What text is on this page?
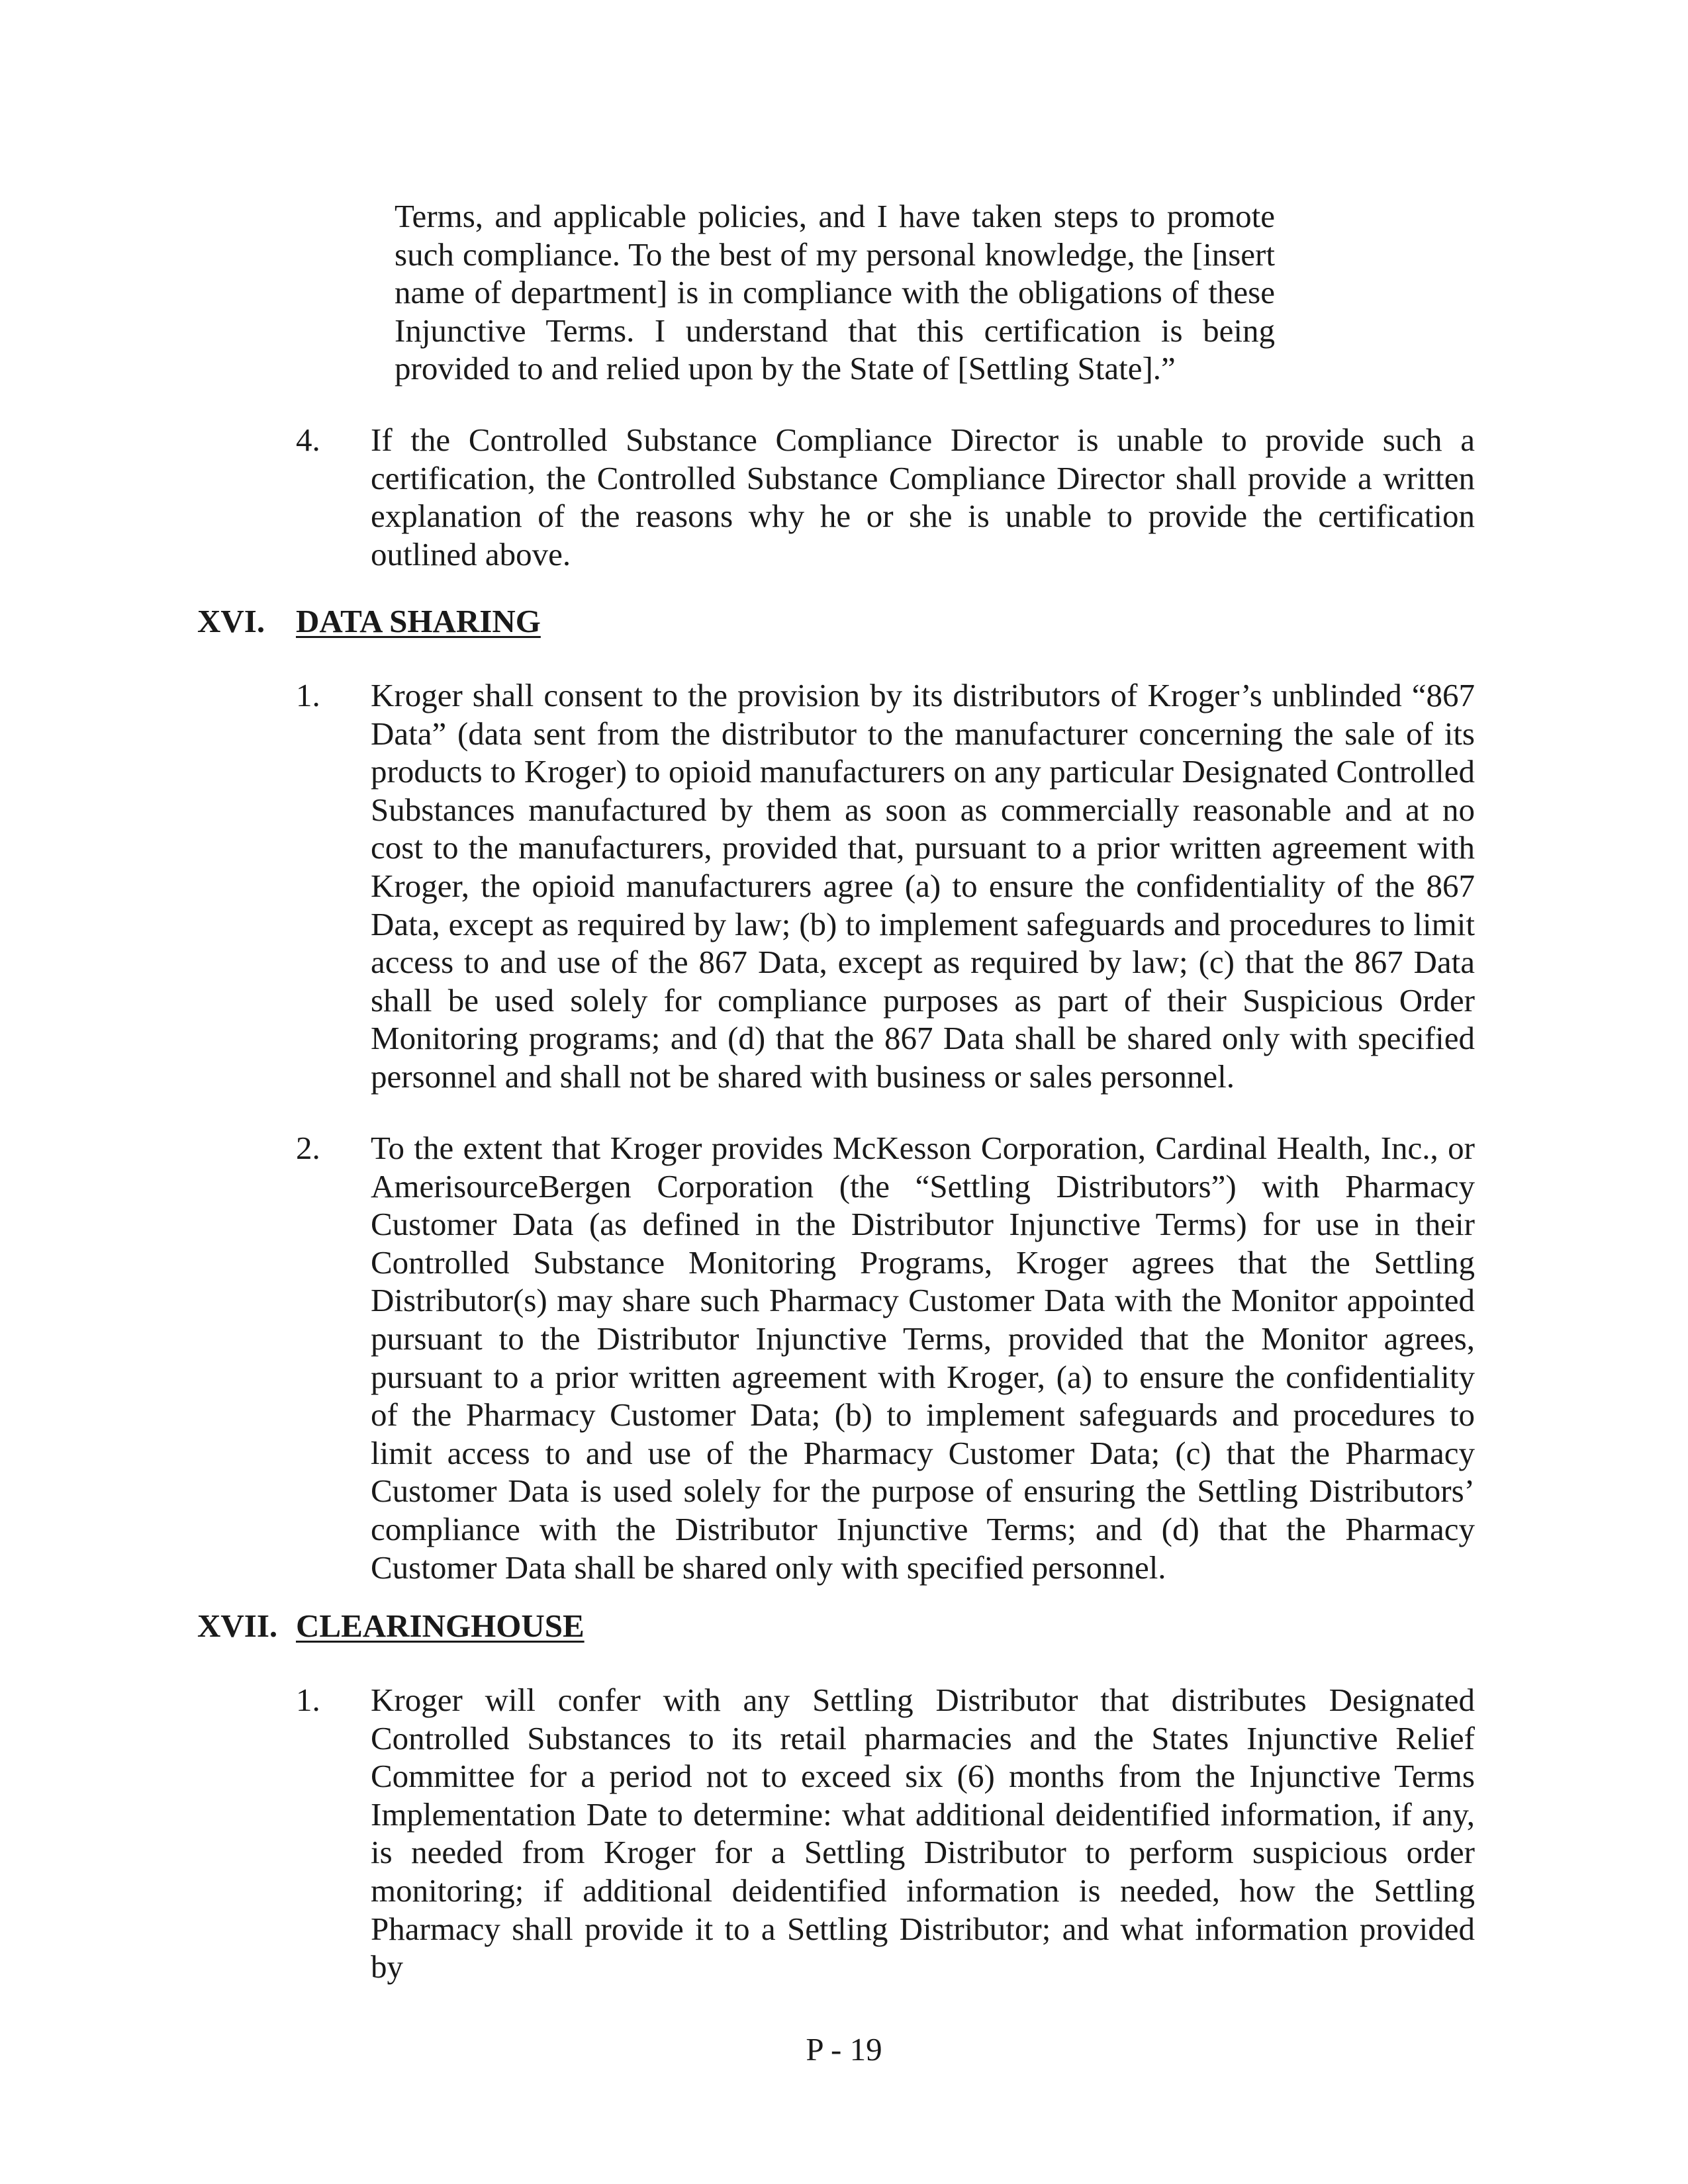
Terms, and applicable policies, and I have taken steps to promote such compliance. To the best of my personal knowledge, the [insert name of department] is in compliance with the obligations of these Injunctive Terms. I understand that this certification is being provided to and relied upon by the State of [Settling State].”

4. If the Controlled Substance Compliance Director is unable to provide such a certification, the Controlled Substance Compliance Director shall provide a written explanation of the reasons why he or she is unable to provide the certification outlined above.

XVI. DATA SHARING
1. Kroger shall consent to the provision by its distributors of Kroger’s unblinded “867 Data” (data sent from the distributor to the manufacturer concerning the sale of its products to Kroger) to opioid manufacturers on any particular Designated Controlled Substances manufactured by them as soon as commercially reasonable and at no cost to the manufacturers, provided that, pursuant to a prior written agreement with Kroger, the opioid manufacturers agree (a) to ensure the confidentiality of the 867 Data, except as required by law; (b) to implement safeguards and procedures to limit access to and use of the 867 Data, except as required by law; (c) that the 867 Data shall be used solely for compliance purposes as part of their Suspicious Order Monitoring programs; and (d) that the 867 Data shall be shared only with specified personnel and shall not be shared with business or sales personnel.

2. To the extent that Kroger provides McKesson Corporation, Cardinal Health, Inc., or AmerisourceBergen Corporation (the “Settling Distributors”) with Pharmacy Customer Data (as defined in the Distributor Injunctive Terms) for use in their Controlled Substance Monitoring Programs, Kroger agrees that the Settling Distributor(s) may share such Pharmacy Customer Data with the Monitor appointed pursuant to the Distributor Injunctive Terms, provided that the Monitor agrees, pursuant to a prior written agreement with Kroger, (a) to ensure the confidentiality of the Pharmacy Customer Data; (b) to implement safeguards and procedures to limit access to and use of the Pharmacy Customer Data; (c) that the Pharmacy Customer Data is used solely for the purpose of ensuring the Settling Distributors’ compliance with the Distributor Injunctive Terms; and (d) that the Pharmacy Customer Data shall be shared only with specified personnel.

XVII. CLEARINGHOUSE
1. Kroger will confer with any Settling Distributor that distributes Designated Controlled Substances to its retail pharmacies and the States Injunctive Relief Committee for a period not to exceed six (6) months from the Injunctive Terms Implementation Date to determine: what additional deidentified information, if any, is needed from Kroger for a Settling Distributor to perform suspicious order monitoring; if additional deidentified information is needed, how the Settling Pharmacy shall provide it to a Settling Distributor; and what information provided by

P - 19
